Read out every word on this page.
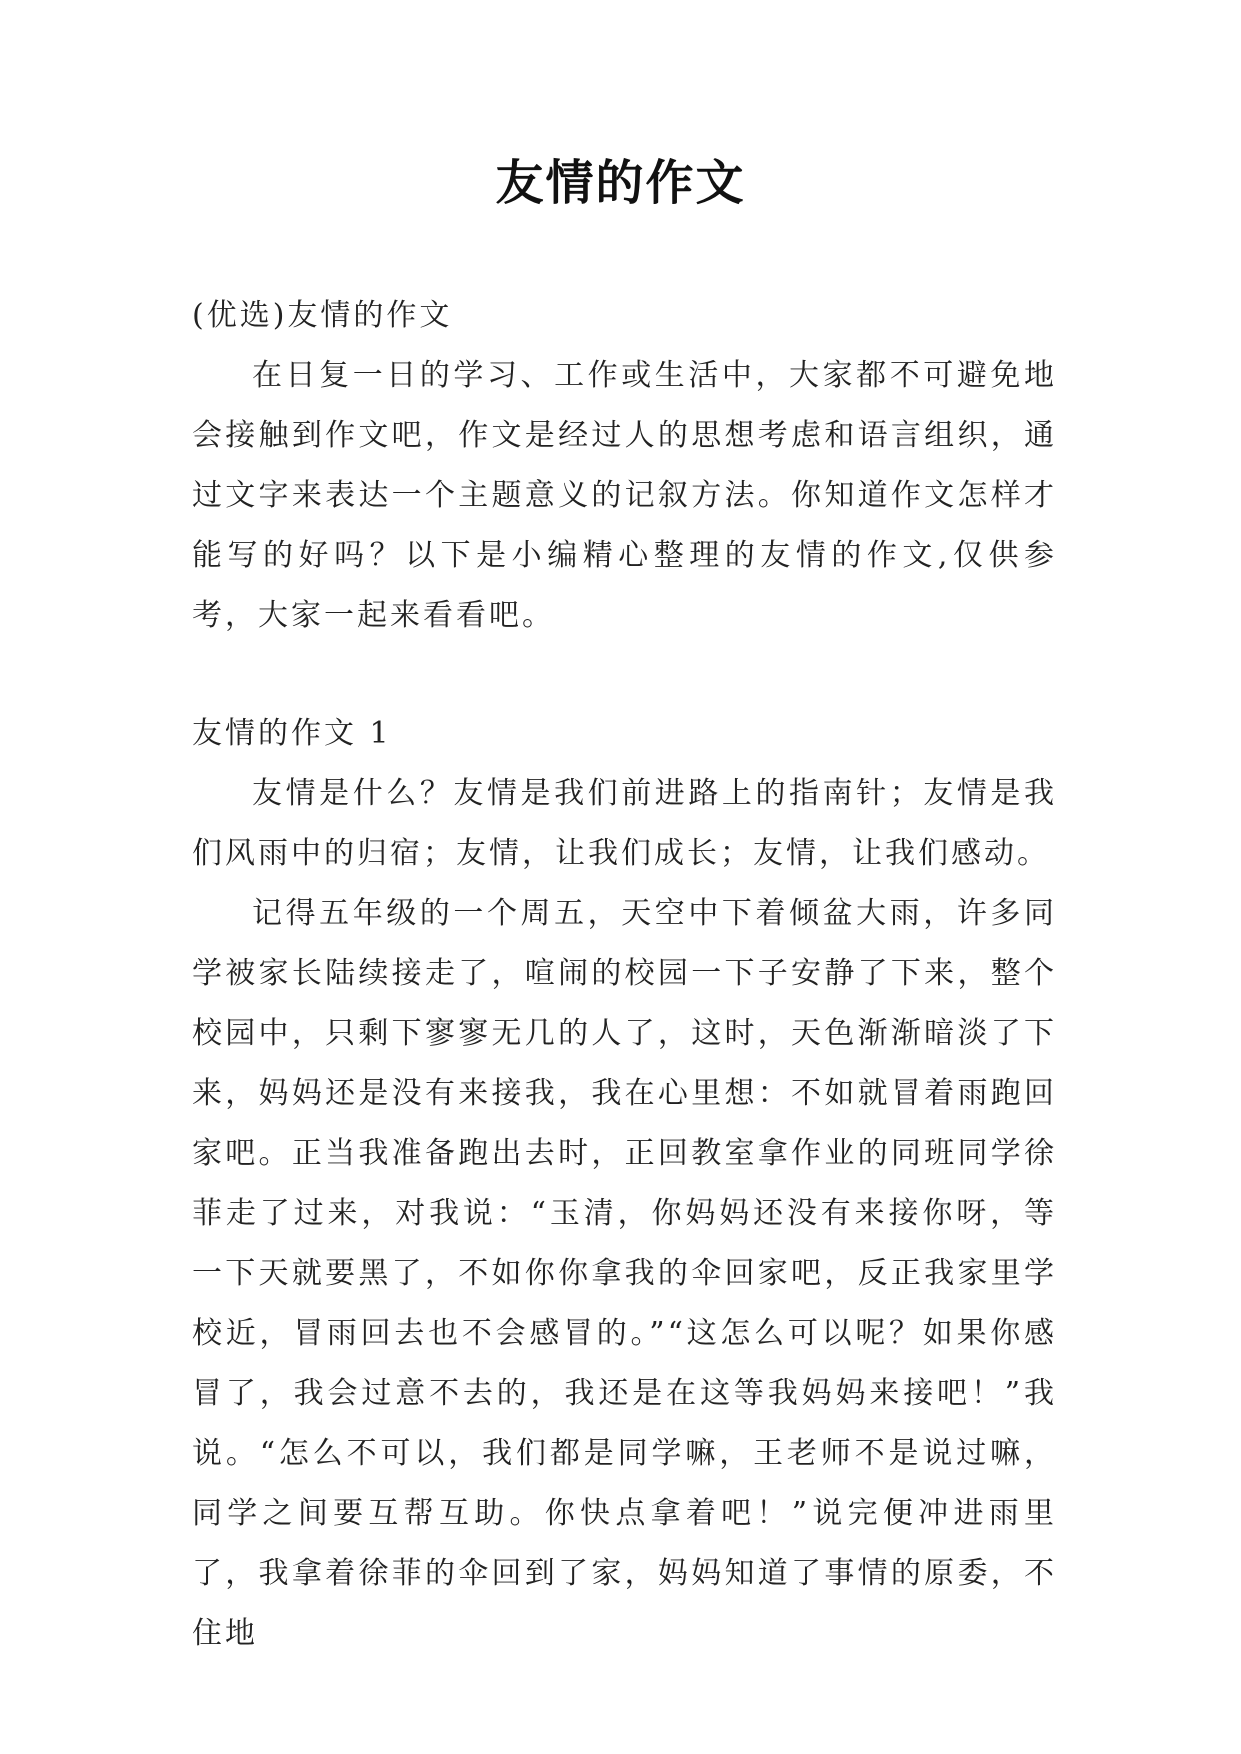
友情的作文

(优选)友情的作文

在日复一日的学习、工作或生活中，大家都不可避免地会接触到作文吧，作文是经过人的思想考虑和语言组织，通过文字来表达一个主题意义的记叙方法。你知道作文怎样才能写的好吗？以下是小编精心整理的友情的作文,仅供参考，大家一起来看看吧。

友情的作文 1

友情是什么？友情是我们前进路上的指南针；友情是我们风雨中的归宿；友情，让我们成长；友情，让我们感动。

记得五年级的一个周五，天空中下着倾盆大雨，许多同学被家长陆续接走了，喧闹的校园一下子安静了下来，整个校园中，只剩下寥寥无几的人了，这时，天色渐渐暗淡了下来，妈妈还是没有来接我，我在心里想：不如就冒着雨跑回家吧。正当我准备跑出去时，正回教室拿作业的同班同学徐菲走了过来，对我说：“玉清，你妈妈还没有来接你呀，等一下天就要黑了，不如你你拿我的伞回家吧，反正我家里学校近，冒雨回去也不会感冒的。”“这怎么可以呢？如果你感冒了，我会过意不去的，我还是在这等我妈妈来接吧！”我说。“怎么不可以，我们都是同学嘛，王老师不是说过嘛，同学之间要互帮互助。你快点拿着吧！”说完便冲进雨里了，我拿着徐菲的伞回到了家，妈妈知道了事情的原委，不住地
